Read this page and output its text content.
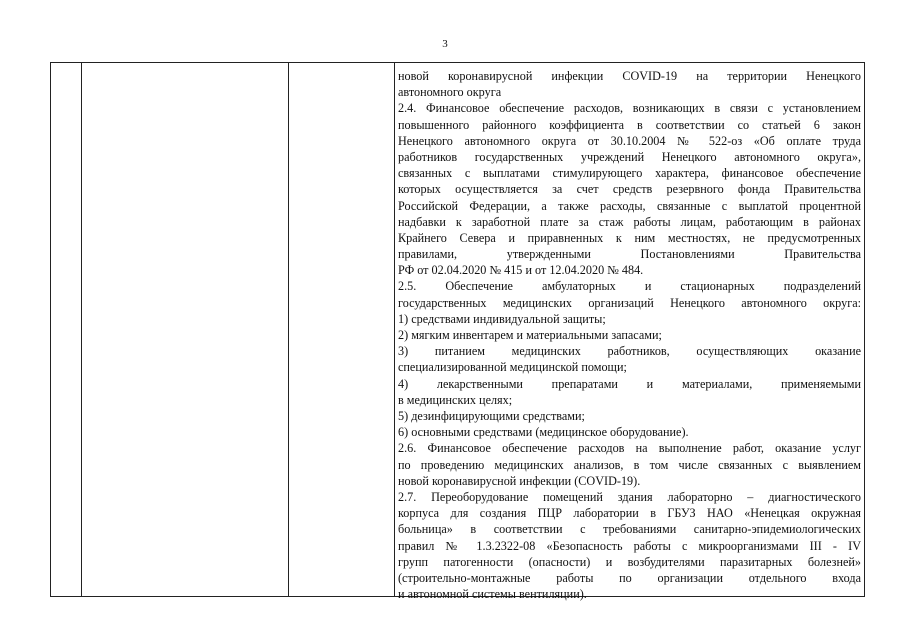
3
новой коронавирусной инфекции COVID-19 на территории Ненецкого
автономного округа
2.4. Финансовое обеспечение расходов, возникающих в связи с установлением
повышенного районного коэффициента в соответствии со статьей 6 закон
Ненецкого автономного округа от 30.10.2004 № 522-оз «Об оплате труда
работников государственных учреждений Ненецкого автономного округа»,
связанных с выплатами стимулирующего характера, финансовое обеспечение
которых осуществляется за счет средств резервного фонда Правительства
Российской Федерации, а также расходы, связанные с выплатой процентной
надбавки к заработной плате за стаж работы лицам, работающим в районах
Крайнего Севера и приравненных к ним местностях, не предусмотренных
правилами, утвержденными Постановлениями Правительства
РФ от 02.04.2020 № 415 и от 12.04.2020 № 484.
2.5. Обеспечение амбулаторных и стационарных подразделений
государственных медицинских организаций Ненецкого автономного округа:
1) средствами индивидуальной защиты;
2) мягким инвентарем и материальными запасами;
3) питанием медицинских работников, осуществляющих оказание
специализированной медицинской помощи;
4) лекарственными препаратами и материалами, применяемыми
в медицинских целях;
5) дезинфицирующими средствами;
6) основными средствами (медицинское оборудование).
2.6. Финансовое обеспечение расходов на выполнение работ, оказание услуг
по проведению медицинских анализов, в том числе связанных с выявлением
новой коронавирусной инфекции (COVID-19).
2.7. Переоборудование помещений здания лабораторно – диагностического
корпуса для создания ПЦР лаборатории в ГБУЗ НАО «Ненецкая окружная
больница» в соответствии с требованиями санитарно-эпидемиологических
правил № 1.3.2322-08 «Безопасность работы с микроорганизмами III - IV
групп патогенности (опасности) и возбудителями паразитарных болезней»
(строительно-монтажные работы по организации отдельного входа
и автономной системы вентиляции).
